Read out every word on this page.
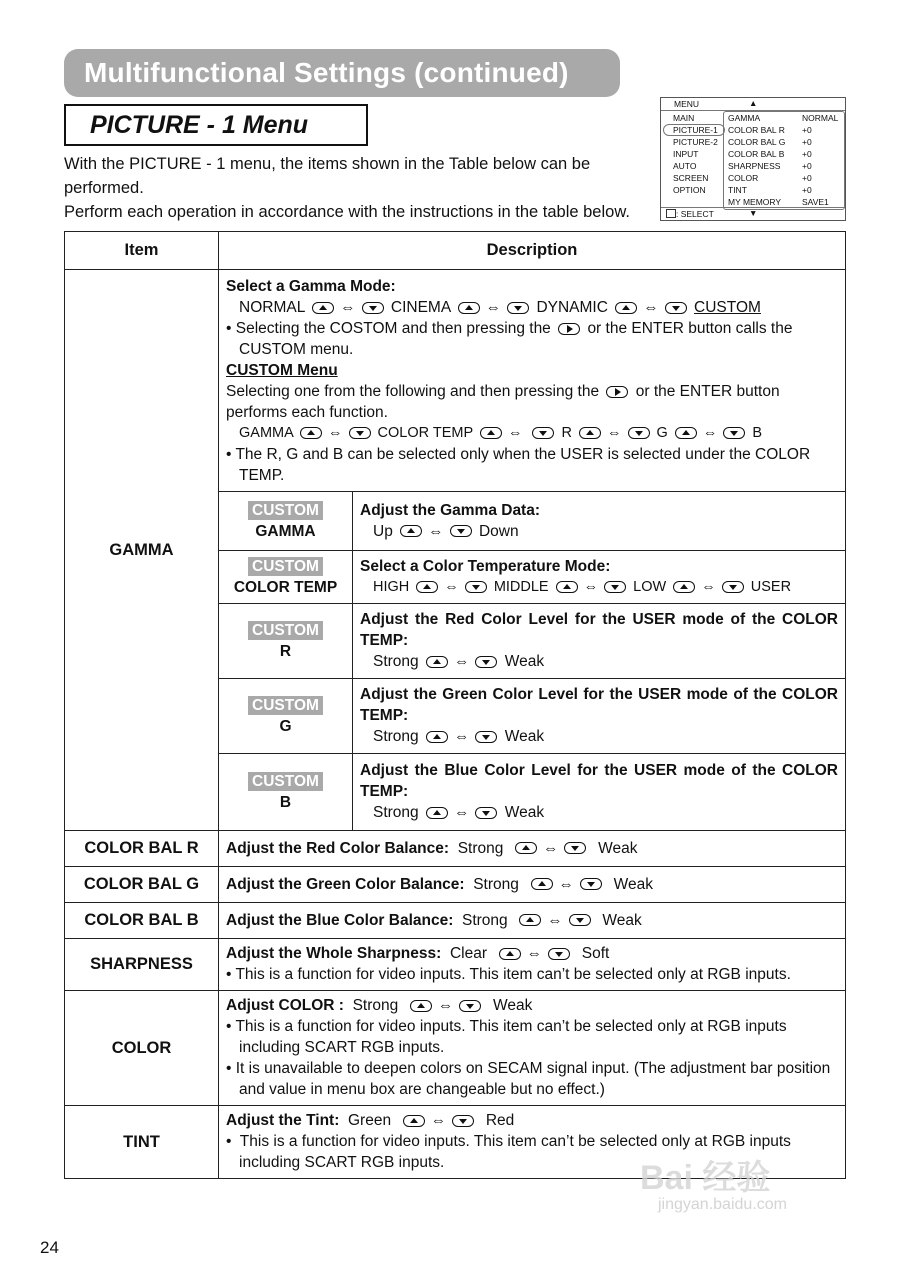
Multifunctional Settings (continued)
PICTURE - 1 Menu
With the PICTURE - 1 menu, the items shown in the Table below can be
performed.
Perform each operation in accordance with the instructions in the table below.
MENU	▲
MAIN
PICTURE-1
PICTURE-2
INPUT
AUTO
SCREEN
OPTION
GAMMA	NORMAL
COLOR BAL R +0
COLOR BAL G +0
COLOR BAL B +0
SHARPNESS	+0
COLOR	+0
TINT	+0
MY MEMORY SAVE1
: SELECT	▼
Item	Description
GAMMA	
Select a Gamma Mode:
NORMAL ⇔ CINEMA ⇔ DYNAMIC ⇔ CUSTOM
• Selecting the COSTOM and then pressing the or the ENTER button calls the CUSTOM menu.
CUSTOM Menu
Selecting one from the following and then pressing the or the ENTER button performs each function.
GAMMA ⇔ COLOR TEMP ⇔	R ⇔ G ⇔ B
• The R, G and B can be selected only when the USER is selected under the COLOR TEMP.
CUSTOM
GAMMA	
Adjust the Gamma Data:
Up ⇔ Down

CUSTOM
COLOR TEMP	
Select a Color Temperature Mode:
HIGH ⇔ MIDDLE ⇔ LOW ⇔ USER

CUSTOM
R	
Adjust the Red Color Level for the USER mode of the COLOR TEMP:
Strong ⇔ Weak

CUSTOM
G	
Adjust the Green Color Level for the USER mode of the COLOR TEMP:
Strong ⇔ Weak

CUSTOM
B	
Adjust the Blue Color Level for the USER mode of the COLOR TEMP:
Strong ⇔ Weak

COLOR BAL R	Adjust the Red Color Balance: Strong	⇔	Weak
COLOR BAL G	Adjust the Green Color Balance: Strong	⇔	Weak
COLOR BAL B	Adjust the Blue Color Balance: Strong	⇔	Weak
SHARPNESS	
Adjust the Whole Sharpness: Clear	⇔	Soft
• This is a function for video inputs. This item can’t be selected only at RGB inputs.

COLOR	
Adjust COLOR : Strong	⇔	Weak
• This is a function for video inputs. This item can’t be selected only at RGB inputs including SCART RGB inputs.
• It is unavailable to deepen colors on SECAM signal input. (The adjustment bar position and value in menu box are changeable but no effect.)

TINT	
Adjust the Tint: Green	⇔	Red
• This is a function for video inputs. This item can’t be selected only at RGB inputs including SCART RGB inputs.
24
Bai 经验
jingyan.baidu.com
